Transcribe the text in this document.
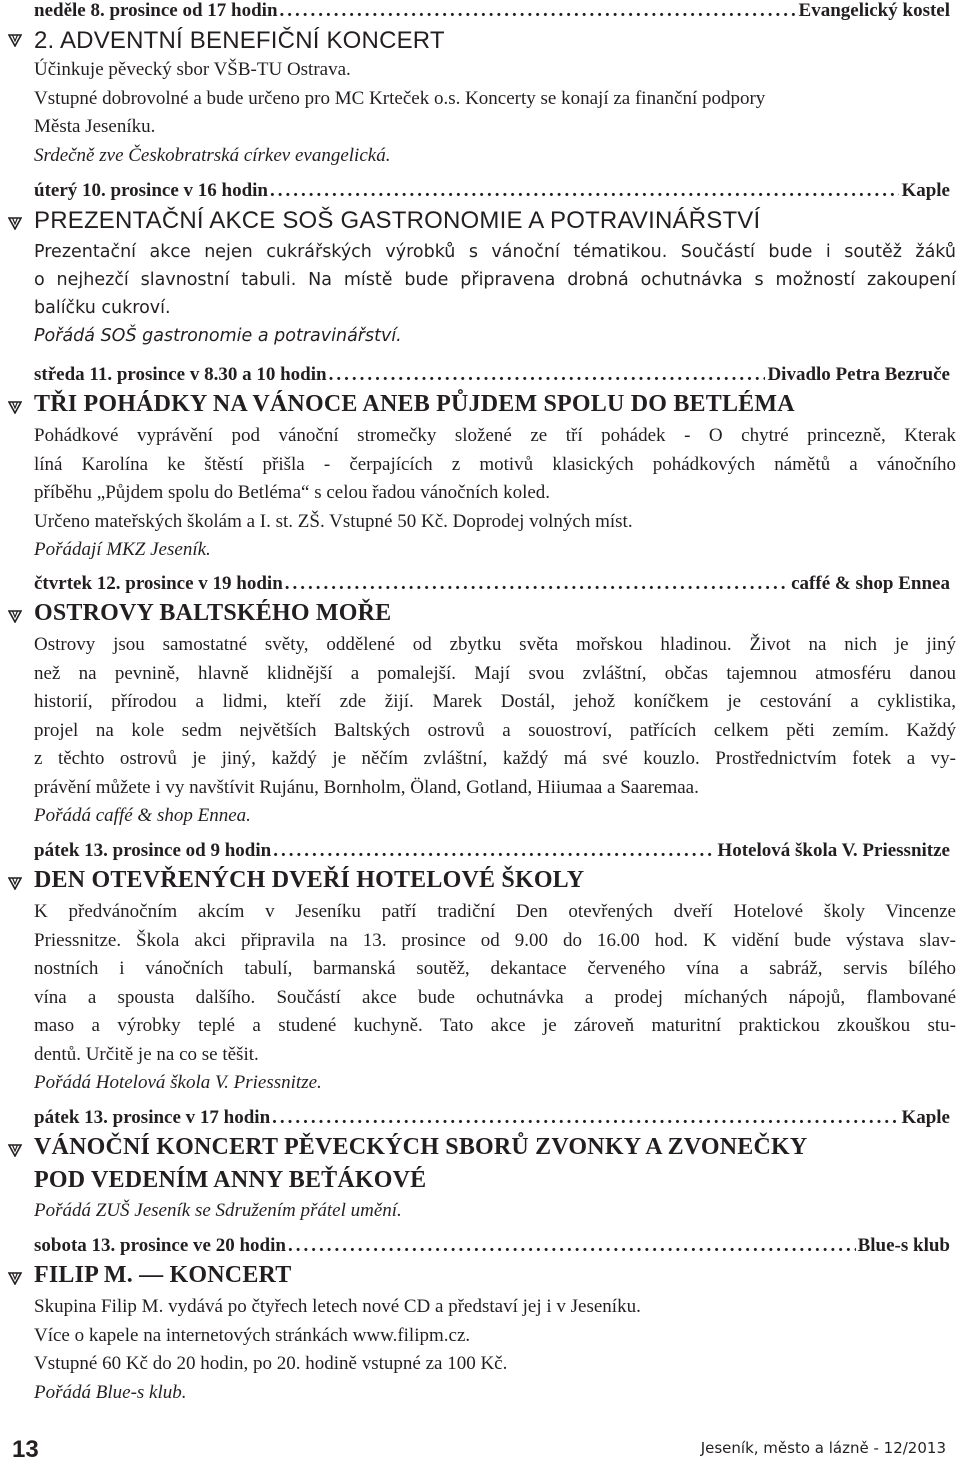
neděle 8. prosince od 17 hodin .....	Evangelický kostel
2. ADVENTNÍ BENEFIČNÍ KONCERT
Účinkuje pěvecký sbor VŠB-TU Ostrava.
Vstupné dobrovolné a bude určeno pro MC Krteček o.s. Koncerty se konají za finanční podpory
Města Jeseníku.
Srdečně zve Českobratrská církev evangelická.
úterý 10. prosince v 16 hodin .....	Kaple
PREZENTAČNÍ AKCE SOŠ GASTRONOMIE A POTRAVINÁŘSTVÍ
Prezentační akce nejen cukrářských výrobků s vánoční tématikou. Součástí bude i soutěž žáků
o nejhezčí slavnostní tabuli. Na místě bude připravena drobná ochutnávka s možností zakoupení
balíčku cukroví.
Pořádá SOŠ gastronomie a potravinářství.
středa 11. prosince v 8.30 a 10 hodin .....	Divadlo Petra Bezruče
TŘI POHÁDKY NA VÁNOCE ANEB PŮJDEM SPOLU DO BETLÉMA
Pohádkové vyprávění pod vánoční stromečky složené ze tří pohádek - O chytré princezně, Kterak
líná Karolína ke štěstí přišla - čerpajících z motivů klasických pohádkových námětů a vánočního
příběhu „Půjdem spolu do Betléma“ s celou řadou vánočních koled.
Určeno mateřských školám a I. st. ZŠ. Vstupné 50 Kč. Doprodej volných míst.
Pořádají MKZ Jeseník.
čtvrtek 12. prosince v 19 hodin .....	caffé & shop Ennea
OSTROVY BALTSKÉHO MOŘE
Ostrovy jsou samostatné světy, oddělené od zbytku světa mořskou hladinou. Život na nich je jiný
než na pevnině, hlavně klidnější a pomalejší. Mají svou zvláštní, občas tajemnou atmosféru danou
historií, přírodou a lidmi, kteří zde žijí. Marek Dostál, jehož koníčkem je cestování a cyklistika,
projel na kole sedm největších Baltských ostrovů a souostroví, patřících celkem pěti zemím. Každý
z těchto ostrovů je jiný, každý je něčím zvláštní, každý má své kouzlo. Prostřednictvím fotek a vy-
právění můžete i vy navštívit Rujánu, Bornholm, Öland, Gotland, Hiiumaa a Saaremaa.
Pořádá caffé & shop Ennea.
pátek 13. prosince od 9 hodin .....	Hotelová škola V. Priessnitze
DEN OTEVŘENÝCH DVEŘÍ HOTELOVÉ ŠKOLY
K předvánočním akcím v Jeseníku patří tradiční Den otevřených dveří Hotelové školy Vincenze
Priessnitze. Škola akci připravila na 13. prosince od 9.00 do 16.00 hod. K vidění bude výstava slav-
nostních i vánočních tabulí, barmanská soutěž, dekantace červeného vína a sabráž, servis bílého
vína a spousta dalšího. Součástí akce bude ochutnávka a prodej míchaných nápojů, flambované
maso a výrobky teplé a studené kuchyně. Tato akce je zároveň maturitní praktickou zkouškou stu-
dentů. Určitě je na co se těšit.
Pořádá Hotelová škola V. Priessnitze.
pátek 13. prosince v 17 hodin .....	Kaple
VÁNOČNÍ KONCERT PĚVECKÝCH SBORŮ ZVONKY A ZVONEČKY
POD VEDENÍM ANNY BEŤÁKOVÉ
Pořádá ZUŠ Jeseník se Sdružením přátel umění.
sobota 13. prosince ve 20 hodin .....	Blue-s klub
FILIP M. — KONCERT
Skupina Filip M. vydává po čtyřech letech nové CD a představí jej i v Jeseníku.
Více o kapele na internetových stránkách www.filipm.cz.
Vstupné 60 Kč do 20 hodin, po 20. hodině vstupné za 100 Kč.
Pořádá Blue-s klub.
13	Jeseník, město a lázně - 12/2013
